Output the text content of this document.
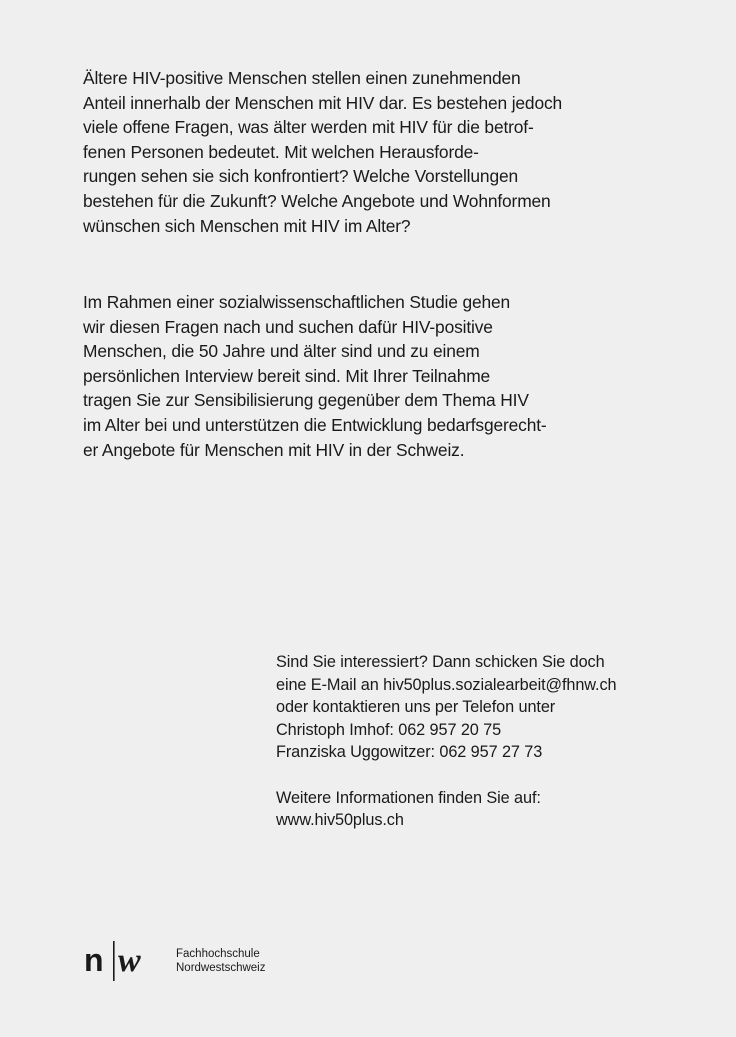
Ältere HIV-positive Menschen stellen einen zunehmenden
Anteil innerhalb der Menschen mit HIV dar. Es bestehen jedoch
viele offene Fragen, was älter werden mit HIV für die betrof-
fenen Personen bedeutet. Mit welchen Herausforde-
rungen sehen sie sich konfrontiert? Welche Vorstellungen
bestehen für die Zukunft? Welche Angebote und Wohnformen
wünschen sich Menschen mit HIV im Alter?
Im Rahmen einer sozialwissenschaftlichen Studie gehen
wir diesen Fragen nach und suchen dafür HIV-positive
Menschen, die 50 Jahre und älter sind und zu einem
persönlichen Interview bereit sind. Mit Ihrer Teilnahme
tragen Sie zur Sensibilisierung gegenüber dem Thema HIV
im Alter bei und unterstützen die Entwicklung bedarfsgerecht-
er Angebote für Menschen mit HIV in der Schweiz.
Sind Sie interessiert? Dann schicken Sie doch
eine E-Mail an hiv50plus.sozialearbeit@fhnw.ch
oder kontaktieren uns per Telefon unter
Christoph Imhof: 062 957 20 75
Franziska Uggowitzer: 062 957 27 73
Weitere Informationen finden Sie auf:
www.hiv50plus.ch
n w	Fachhochschule
Nordwestschweiz
